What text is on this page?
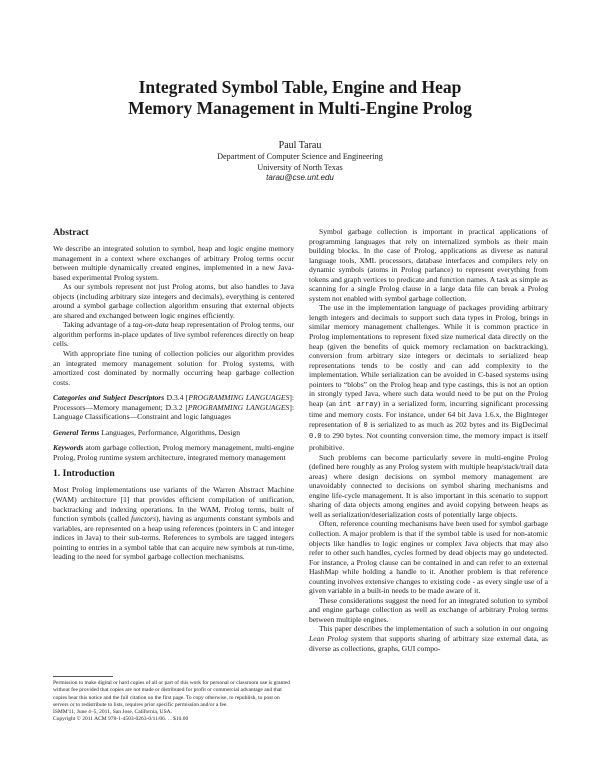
Integrated Symbol Table, Engine and Heap
Memory Management in Multi-Engine Prolog
Paul Tarau
Department of Computer Science and Engineering
University of North Texas
tarau@cse.unt.edu
Abstract

We describe an integrated solution to symbol, heap and logic engine memory management in a context where exchanges of arbitrary Prolog terms occur between multiple dynamically created engines, implemented in a new Java-based experimental Prolog system.

As our symbols represent not just Prolog atoms, but also handles to Java objects (including arbitrary size integers and decimals), everything is centered around a symbol garbage collection algorithm ensuring that external objects are shared and exchanged between logic engines efficiently.

Taking advantage of a tag-on-data heap representation of Prolog terms, our algorithm performs in-place updates of live symbol references directly on heap cells.

With appropriate fine tuning of collection policies our algorithm provides an integrated memory management solution for Prolog systems, with amortized cost dominated by normally occurring heap garbage collection costs.

Categories and Subject Descriptors D.3.4 [PROGRAMMING LANGUAGES]: Processors—Memory management; D.3.2 [PROGRAMMING LANGUAGES]: Language Classifications—Constraint and logic languages

General Terms Languages, Performance, Algorithms, Design

Keywords atom garbage collection, Prolog memory management, multi-engine Prolog, Prolog runtime system architecture, integrated memory management

1. Introduction

Most Prolog implementations use variants of the Warren Abstract Machine (WAM) architecture [1] that provides efficient compilation of unification, backtracking and indexing operations. In the WAM, Prolog terms, built of function symbols (called functors), having as arguments constant symbols and variables, are represented on a heap using references (pointers in C and integer indices in Java) to their sub-terms. References to symbols are tagged integers pointing to entries in a symbol table that can acquire new symbols at run-time, leading to the need for symbol garbage collection mechanisms.

Permission to make digital or hard copies of all or part of this work for personal or classroom use is granted without fee provided that copies are not made or distributed for profit or commercial advantage and that copies bear this notice and the full citation on the first page. To copy otherwise, to republish, to post on servers or to redistribute to lists, requires prior specific permission and/or a fee.
ISMM'11, June 4–5, 2011, San Jose, California, USA.
Copyright © 2011 ACM 978-1-4503-0263-0/11/06. . . $10.00

Symbol garbage collection is important in practical applications of programming languages that rely on internalized symbols as their main building blocks. In the case of Prolog, applications as diverse as natural language tools, XML processors, database interfaces and compilers rely on dynamic symbols (atoms in Prolog parlance) to represent everything from tokens and graph vertices to predicate and function names. A task as simple as scanning for a single Prolog clause in a large data file can break a Prolog system not enabled with symbol garbage collection.

The use in the implementation language of packages providing arbitrary length integers and decimals to support such data types in Prolog, brings in similar memory management challenges. While it is common practice in Prolog implementations to represent fixed size numerical data directly on the heap (given the benefits of quick memory reclamation on backtracking), conversion from arbitrary size integers or decimals to serialized heap representations tends to be costly and can add complexity to the implementation. While serialization can be avoided in C-based systems using pointers to “blobs” on the Prolog heap and type castings, this is not an option in strongly typed Java, where such data would need to be put on the Prolog heap (an int array) in a serialized form, incurring significant processing time and memory costs. For instance, under 64 bit Java 1.6.x, the BigInteger representation of 0 is serialized to as much as 202 bytes and its BigDecimal 0.0 to 290 bytes. Not counting conversion time, the memory impact is itself prohibitive.

Such problems can become particularly severe in multi-engine Prolog (defined here roughly as any Prolog system with multiple heap/stack/trail data areas) where design decisions on symbol memory management are unavoidably connected to decisions on symbol sharing mechanisms and engine life-cycle management. It is also important in this scenario to support sharing of data objects among engines and avoid copying between heaps as well as serialization/deserialization costs of potentially large objects.

Often, reference counting mechanisms have been used for symbol garbage collection. A major problem is that if the symbol table is used for non-atomic objects like handles to logic engines or complex Java objects that may also refer to other such handles, cycles formed by dead objects may go undetected. For instance, a Prolog clause can be contained in and can refer to an external HashMap while holding a handle to it. Another problem is that reference counting involves extensive changes to existing code - as every single use of a given variable in a built-in needs to be made aware of it.

These considerations suggest the need for an integrated solution to symbol and engine garbage collection as well as exchange of arbitrary Prolog terms between multiple engines.

This paper describes the implementation of such a solution in our ongoing Lean Prolog system that supports sharing of arbitrary size external data, as diverse as collections, graphs, GUI compo-
